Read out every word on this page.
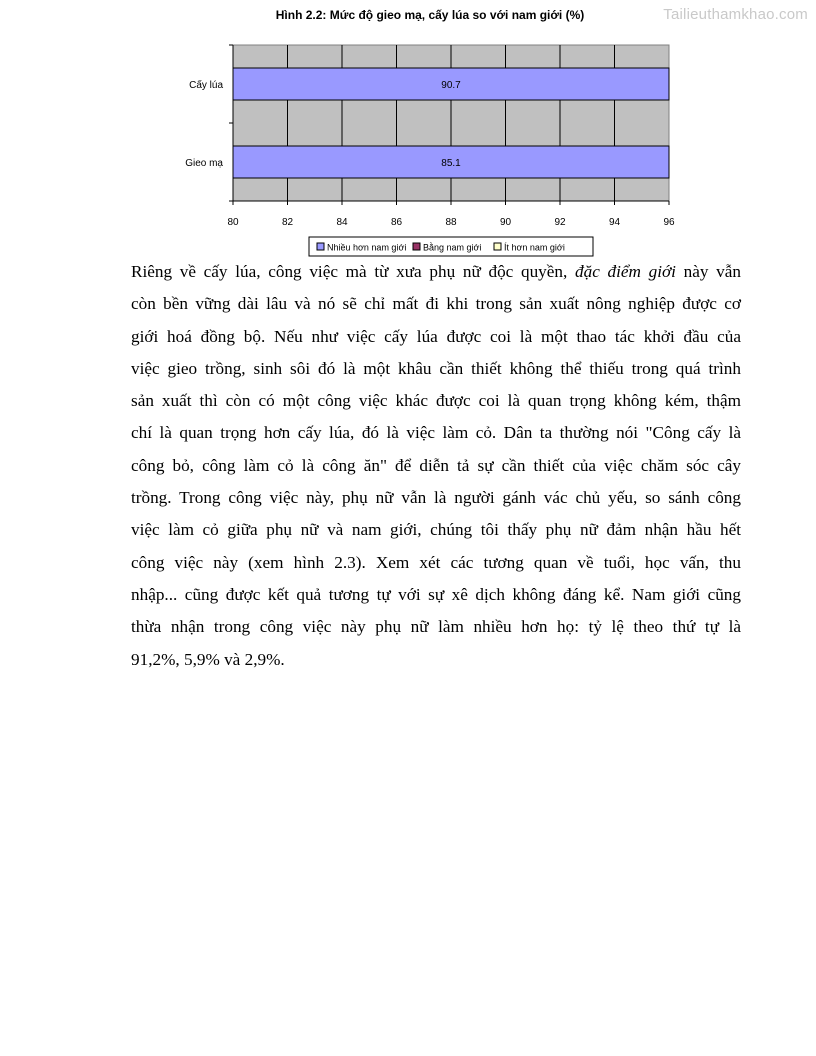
Tailieuthamkhao.com
Hình 2.2: Mức độ gieo mạ, cấy lúa so với nam giới (%)
80	82	84	86	88	90	92	94	96
Cấy lúa	90.7
Gieo mạ	85.1
Nhiều hơn nam giới Bằng nam giới	Ít hơn nam giới
Riêng về cấy lúa, công việc mà từ xưa phụ nữ độc quyền, đặc điểm giới này vẫn
còn bền vững dài lâu và nó sẽ chỉ mất đi khi trong sản xuất nông nghiệp được cơ
giới hoá đồng bộ. Nếu như việc cấy lúa được coi là một thao tác khởi đầu của
việc gieo trồng, sinh sôi đó là một khâu cần thiết không thể thiếu trong quá trình
sản xuất thì còn có một công việc khác được coi là quan trọng không kém, thậm
chí là quan trọng hơn cấy lúa, đó là việc làm cỏ. Dân ta thường nói "Công cấy là
công bỏ, công làm cỏ là công ăn" để diễn tả sự cần thiết của việc chăm sóc cây
trồng. Trong công việc này, phụ nữ vẫn là người gánh vác chủ yếu, so sánh công
việc làm cỏ giữa phụ nữ và nam giới, chúng tôi thấy phụ nữ đảm nhận hầu hết
công việc này (xem hình 2.3). Xem xét các tương quan về tuổi, học vấn, thu
nhập... cũng được kết quả tương tự với sự xê dịch không đáng kể. Nam giới cũng
thừa nhận trong công việc này phụ nữ làm nhiều hơn họ: tỷ lệ theo thứ tự là
91,2%, 5,9% và 2,9%.
